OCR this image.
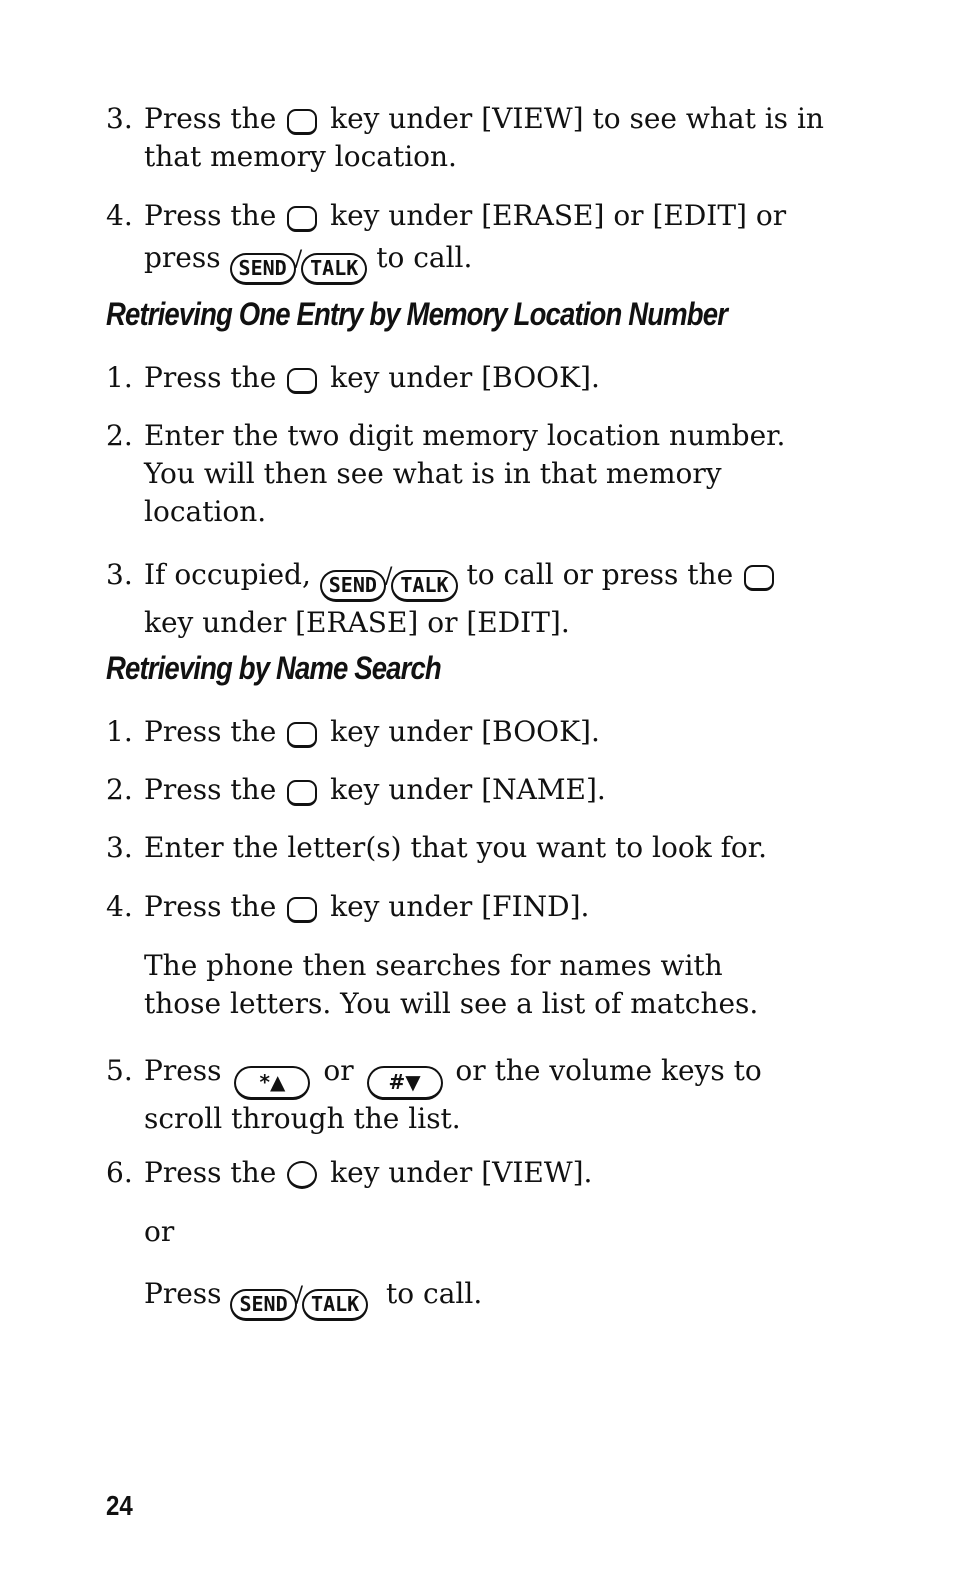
3. Press the key under [VIEW] to see what is in that memory location.
4. Press the key under [ERASE] or [EDIT] or

press SEND / TALK to call.

Retrieving One Entry by Memory Location Number
1. Press the key under [BOOK].
2. Enter the two digit memory location number. You will then see what is in that memory location.
3. If occupied, SEND / TALK to call or press the

key under [ERASE] or [EDIT].

Retrieving by Name Search
1. Press the key under [BOOK].
2. Press the key under [NAME].
3. Enter the letter(s) that you want to look for.
4. Press the key under [FIND].

The phone then searches for names with those letters. You will see a list of matches.

5. Press *▲ or #▼ or the volume keys to scroll through the list.

6. Press the key under [VIEW].

or

Press SEND / TALK to call.

24
